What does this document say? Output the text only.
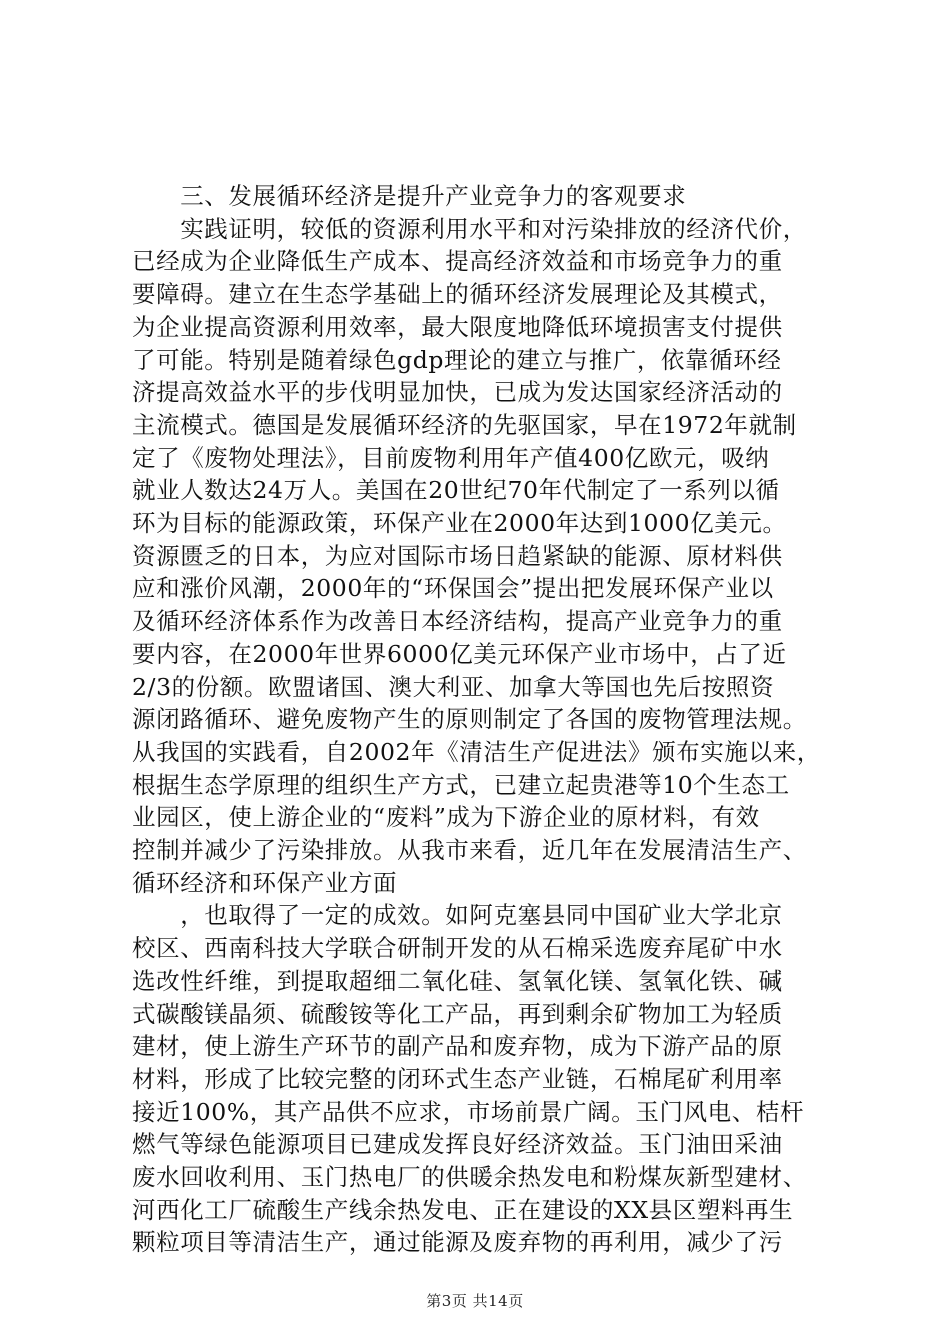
　　三、发展循环经济是提升产业竞争力的客观要求
　　实践证明，较低的资源利用水平和对污染排放的经济代价，
已经成为企业降低生产成本、提高经济效益和市场竞争力的重
要障碍。建立在生态学基础上的循环经济发展理论及其模式，
为企业提高资源利用效率，最大限度地降低环境损害支付提供
了可能。特别是随着绿色gdp理论的建立与推广，依靠循环经
济提高效益水平的步伐明显加快，已成为发达国家经济活动的
主流模式。德国是发展循环经济的先驱国家，早在1972年就制
定了《废物处理法》，目前废物利用年产值400亿欧元，吸纳
就业人数达24万人。美国在20世纪70年代制定了一系列以循
环为目标的能源政策，环保产业在2000年达到1000亿美元。
资源匮乏的日本，为应对国际市场日趋紧缺的能源、原材料供
应和涨价风潮，2000年的“环保国会”提出把发展环保产业以
及循环经济体系作为改善日本经济结构，提高产业竞争力的重
要内容，在2000年世界6000亿美元环保产业市场中，占了近
2/3的份额。欧盟诸国、澳大利亚、加拿大等国也先后按照资
源闭路循环、避免废物产生的原则制定了各国的废物管理法规。
从我国的实践看，自2002年《清洁生产促进法》颁布实施以来，
根据生态学原理的组织生产方式，已建立起贵港等10个生态工
业园区，使上游企业的“废料”成为下游企业的原材料，有效
控制并减少了污染排放。从我市来看，近几年在发展清洁生产、
循环经济和环保产业方面
　　，也取得了一定的成效。如阿克塞县同中国矿业大学北京
校区、西南科技大学联合研制开发的从石棉采选废弃尾矿中水
选改性纤维，到提取超细二氧化硅、氢氧化镁、氢氧化铁、碱
式碳酸镁晶须、硫酸铵等化工产品，再到剩余矿物加工为轻质
建材，使上游生产环节的副产品和废弃物，成为下游产品的原
材料，形成了比较完整的闭环式生态产业链，石棉尾矿利用率
接近100%，其产品供不应求，市场前景广阔。玉门风电、桔杆
燃气等绿色能源项目已建成发挥良好经济效益。玉门油田采油
废水回收利用、玉门热电厂的供暖余热发电和粉煤灰新型建材、
河西化工厂硫酸生产线余热发电、正在建设的XX县区塑料再生
颗粒项目等清洁生产，通过能源及废弃物的再利用，减少了污
第3页 共14页
